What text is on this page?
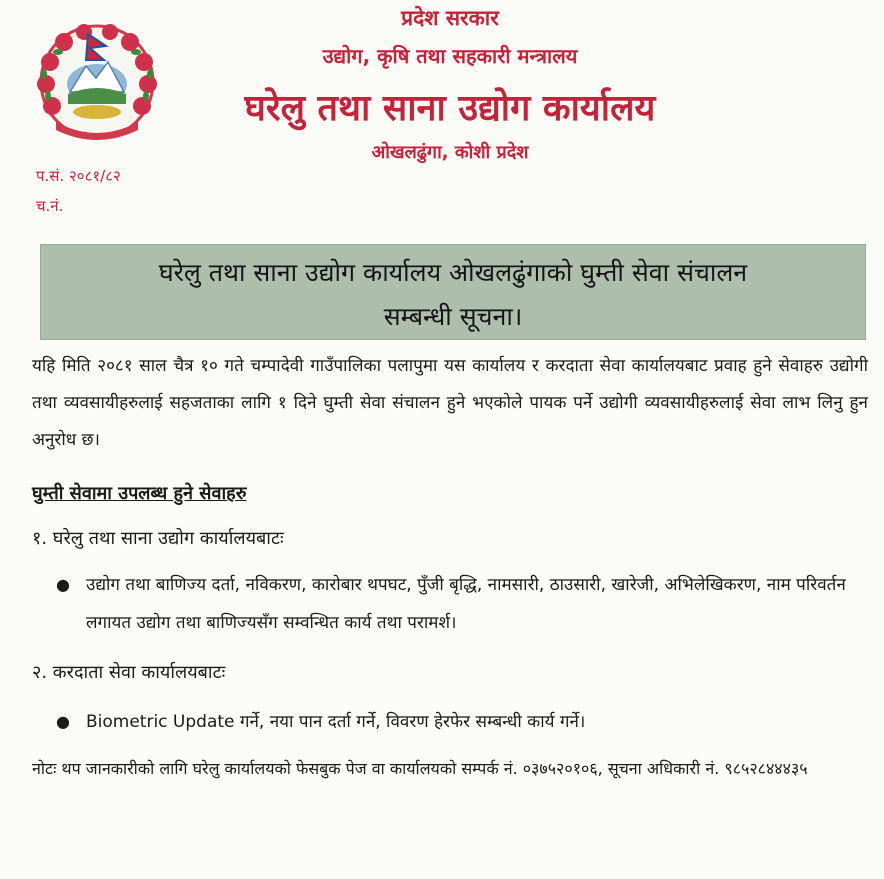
प्रदेश सरकार
उद्योग, कृषि तथा सहकारी मन्त्रालय
घरेलु तथा साना उद्योग कार्यालय
ओखलढुंगा, कोशी प्रदेश
प.सं. २०८१/८२
च.नं.
घरेलु तथा साना उद्योग कार्यालय ओखलढुंगाको घुम्ती सेवा संचालन
सम्बन्धी सूचना।
यहि मिति २०८१ साल चैत्र १० गते चम्पादेवी गाउँपालिका पलापुमा यस कार्यालय र करदाता सेवा कार्यालयबाट प्रवाह हुने सेवाहरु उद्योगी तथा व्यवसायीहरुलाई सहजताका लागि १ दिने घुम्ती सेवा संचालन हुने भएकोले पायक पर्ने उद्योगी व्यवसायीहरुलाई सेवा लाभ लिनु हुन अनुरोध छ।
घुम्ती सेवामा उपलब्ध हुने सेवाहरु
१. घरेलु तथा साना उद्योग कार्यालयबाटः
● उद्योग तथा बाणिज्य दर्ता, नविकरण, कारोबार थपघट, पुँजी बृद्धि, नामसारी, ठाउसारी, खारेजी, अभिलेखिकरण, नाम परिवर्तन लगायत उद्योग तथा बाणिज्यसँग सम्वन्धित कार्य तथा परामर्श।
२. करदाता सेवा कार्यालयबाटः
● Biometric Update गर्ने, नया पान दर्ता गर्ने, विवरण हेरफेर सम्बन्धी कार्य गर्ने।
नोटः थप जानकारीको लागि घरेलु कार्यालयको फेसबुक पेज वा कार्यालयको सम्पर्क नं. ०३७५२०१०६, सूचना अधिकारी नं. ९८५२८४४४३५
